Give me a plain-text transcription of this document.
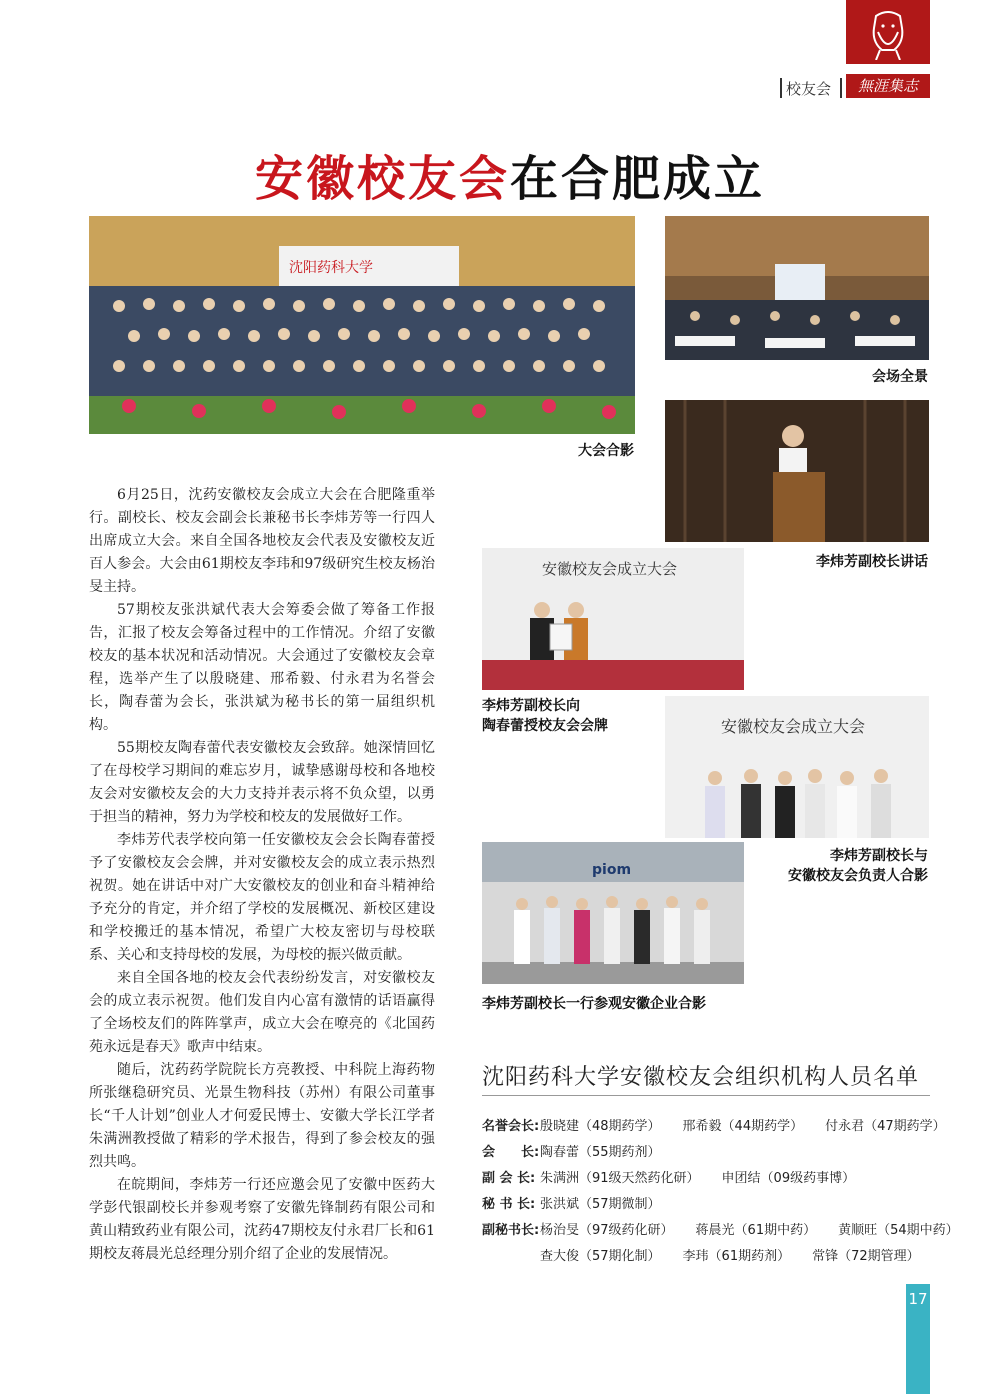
校友会	無涯集志
安徽校友会在合肥成立
沈阳药科大学
大会合影
会场全景
李炜芳副校长讲话
安徽校友会成立大会
李炜芳副校长向
陶春蕾授校友会会牌	安徽校友会成立大会
李炜芳副校长与
安徽校友会负责人合影
piom
李炜芳副校长一行参观安徽企业合影

6月25日，沈药安徽校友会成立大会在合肥隆重举行。副校长、校友会副会长兼秘书长李炜芳等一行四人出席成立大会。来自全国各地校友会代表及安徽校友近百人参会。大会由61期校友李玮和97级研究生校友杨治旻主持。

57期校友张洪斌代表大会筹委会做了筹备工作报告，汇报了校友会筹备过程中的工作情况。介绍了安徽校友的基本状况和活动情况。大会通过了安徽校友会章程，选举产生了以殷晓建、邢希毅、付永君为名誉会长，陶春蕾为会长，张洪斌为秘书长的第一届组织机构。

55期校友陶春蕾代表安徽校友会致辞。她深情回忆了在母校学习期间的难忘岁月，诚挚感谢母校和各地校友会对安徽校友会的大力支持并表示将不负众望，以勇于担当的精神，努力为学校和校友的发展做好工作。

李炜芳代表学校向第一任安徽校友会会长陶春蕾授予了安徽校友会会牌，并对安徽校友会的成立表示热烈祝贺。她在讲话中对广大安徽校友的创业和奋斗精神给予充分的肯定，并介绍了学校的发展概况、新校区建设和学校搬迁的基本情况，希望广大校友密切与母校联系、关心和支持母校的发展，为母校的振兴做贡献。

来自全国各地的校友会代表纷纷发言，对安徽校友会的成立表示祝贺。他们发自内心富有激情的话语赢得了全场校友们的阵阵掌声，成立大会在嘹亮的《北国药苑永远是春天》歌声中结束。

随后，沈药药学院院长方亮教授、中科院上海药物所张继稳研究员、光景生物科技（苏州）有限公司董事长“千人计划”创业人才何爱民博士、安徽大学长江学者朱满洲教授做了精彩的学术报告，得到了参会校友的强烈共鸣。

在皖期间，李炜芳一行还应邀会见了安徽中医药大学彭代银副校长并参观考察了安徽先锋制药有限公司和黄山精致药业有限公司，沈药47期校友付永君厂长和61期校友蒋晨光总经理分别介绍了企业的发展情况。

沈阳药科大学安徽校友会组织机构人员名单
名誉会长:殷晓建（48期药学） 邢希毅（44期药学） 付永君（47期药学）
会　　长:陶春蕾（55期药剂）
副 会 长: 朱满洲（91级天然药化研） 申团结（09级药事博）
秘 书 长: 张洪斌（57期微制）
副秘书长:杨治旻（97级药化研） 蒋晨光（61期中药） 黄顺旺（54期中药）
查大俊（57期化制） 李玮（61期药剂） 常锋（72期管理）
17
